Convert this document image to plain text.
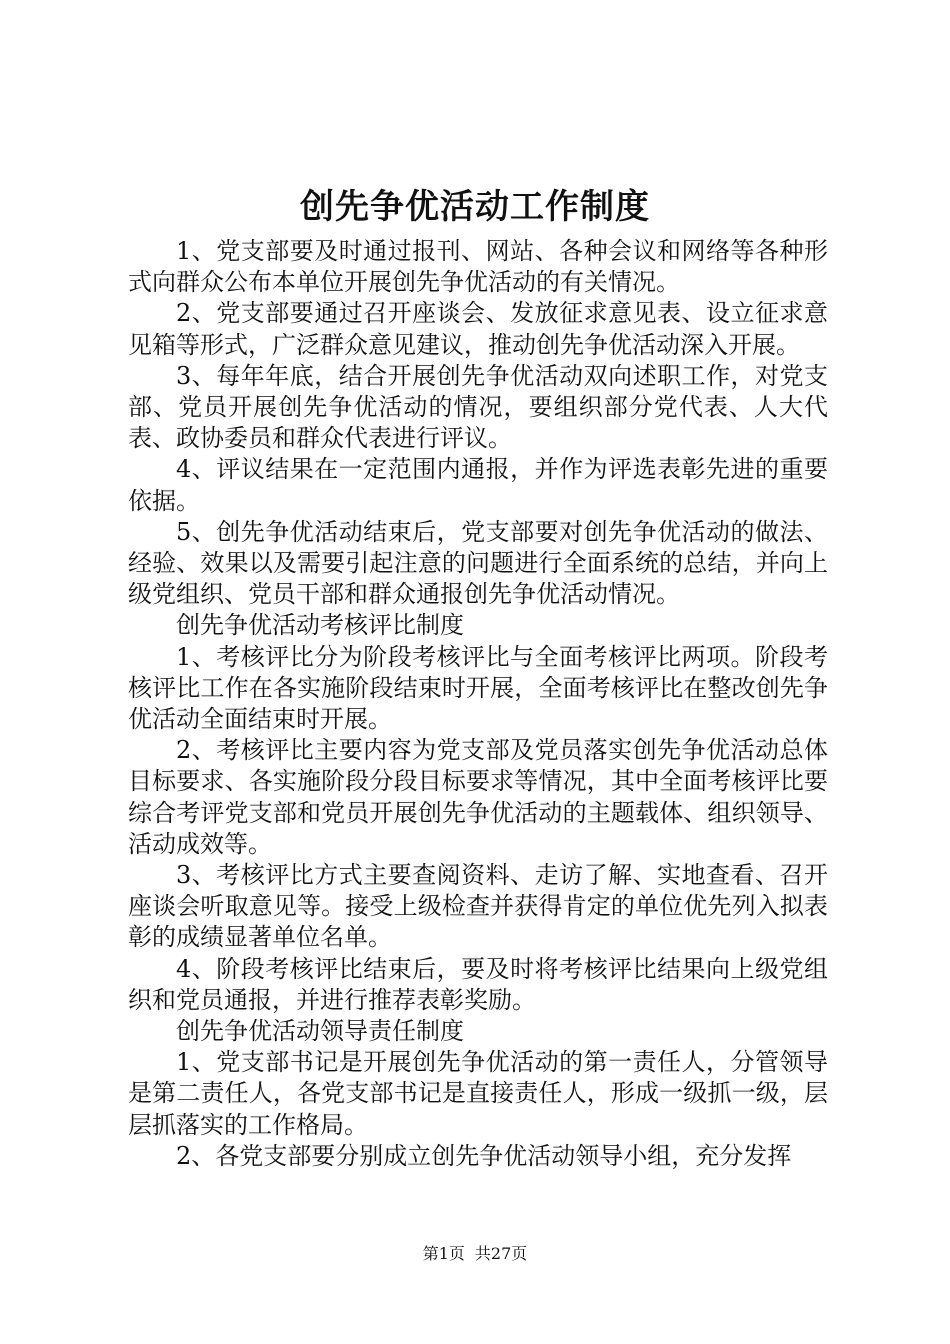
创先争优活动工作制度

1、党支部要及时通过报刊、网站、各种会议和网络等各种形式向群众公布本单位开展创先争优活动的有关情况。

2、党支部要通过召开座谈会、发放征求意见表、设立征求意见箱等形式，广泛群众意见建议，推动创先争优活动深入开展。

3、每年年底，结合开展创先争优活动双向述职工作，对党支部、党员开展创先争优活动的情况，要组织部分党代表、人大代表、政协委员和群众代表进行评议。

4、评议结果在一定范围内通报，并作为评选表彰先进的重要依据。

5、创先争优活动结束后，党支部要对创先争优活动的做法、经验、效果以及需要引起注意的问题进行全面系统的总结，并向上级党组织、党员干部和群众通报创先争优活动情况。

创先争优活动考核评比制度

1、考核评比分为阶段考核评比与全面考核评比两项。阶段考核评比工作在各实施阶段结束时开展，全面考核评比在整改创先争优活动全面结束时开展。

2、考核评比主要内容为党支部及党员落实创先争优活动总体目标要求、各实施阶段分段目标要求等情况，其中全面考核评比要综合考评党支部和党员开展创先争优活动的主题载体、组织领导、活动成效等。

3、考核评比方式主要查阅资料、走访了解、实地查看、召开座谈会听取意见等。接受上级检查并获得肯定的单位优先列入拟表彰的成绩显著单位名单。

4、阶段考核评比结束后，要及时将考核评比结果向上级党组织和党员通报，并进行推荐表彰奖励。

创先争优活动领导责任制度

1、党支部书记是开展创先争优活动的第一责任人，分管领导是第二责任人，各党支部书记是直接责任人，形成一级抓一级，层层抓落实的工作格局。

2、各党支部要分别成立创先争优活动领导小组，充分发挥

第1页 共27页
